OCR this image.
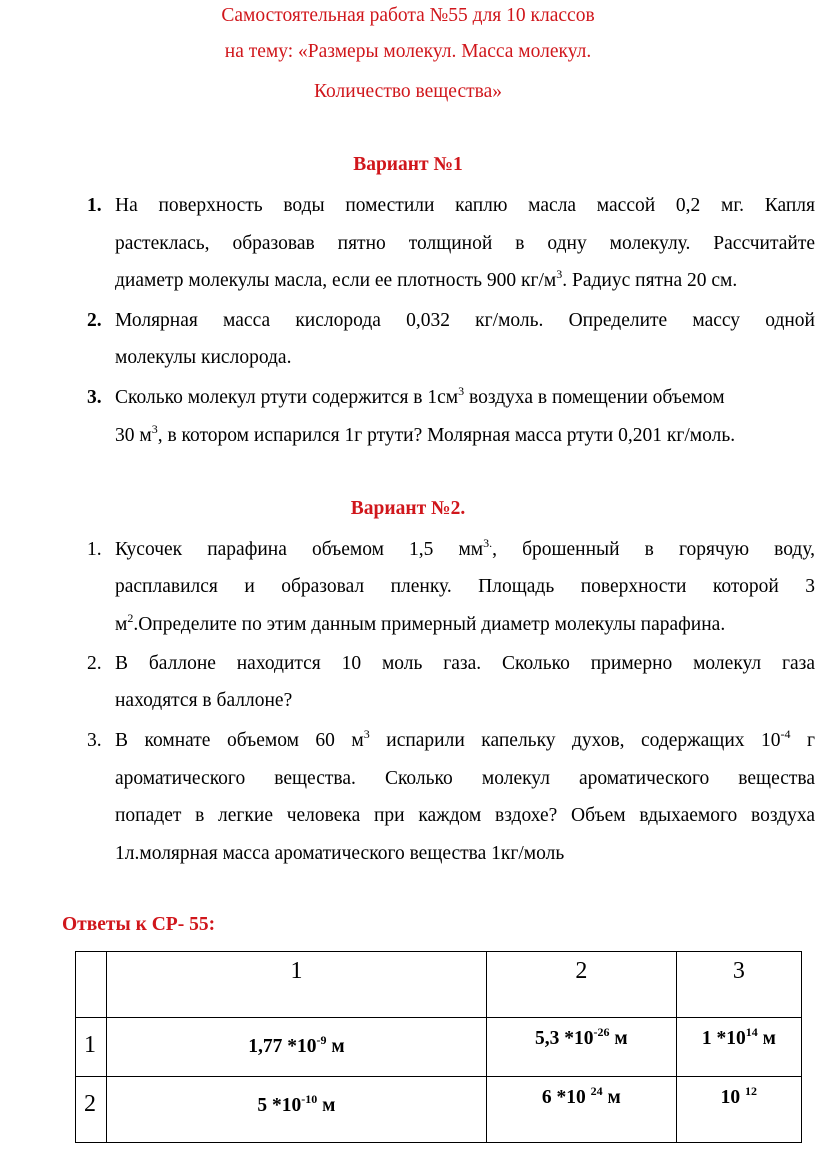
Самостоятельная работа №55 для 10 классов
на тему: «Размеры молекул. Масса молекул.
Количество вещества»
Вариант №1
1. На поверхность воды поместили каплю масла массой 0,2 мг. Капля
растеклась, образовав пятно толщиной в одну молекулу. Рассчитайте
диаметр молекулы масла, если ее плотность 900 $кг/м^3$. Радиус пятна 20 см.
2. Молярная масса кислорода 0,032 кг/моль. Определите массу одной
молекулы кислорода.
3. Сколько молекул ртути содержится в $1см^3$ воздуха в помещении объемом
30 $м^3$, в котором испарился 1г ртути? Молярная масса ртути 0,201 кг/моль.
Вариант №2.
1. Кусочек парафина объемом 1,5 $мм^{3.}$, брошенный в горячую воду,
расплавился и образовал пленку. Площадь поверхности которой 3
$м^2.Определите$ по этим данным примерный диаметр молекулы парафина.
2. В баллоне находится 10 моль газа. Сколько примерно молекул газа
находятся в баллоне?
3. В комнате объемом 60 $м^3$ испарили капельку духов, содержащих $10^{-4}$ г
ароматического вещества. Сколько молекул ароматического вещества
попадет в легкие человека при каждом вздохе? Объем вдыхаемого воздуха
1л.молярная масса ароматического вещества 1кг/моль
Ответы к СР- 55:
	1	2	3
1	1,77 $*10^{-9}$ м	5,3 $*10^{-26}$ м	1 $*10^{14}$ м
2	5 $*10^{-10}$ м	6 *10 $^{24}$ м	10 $^{12}$
